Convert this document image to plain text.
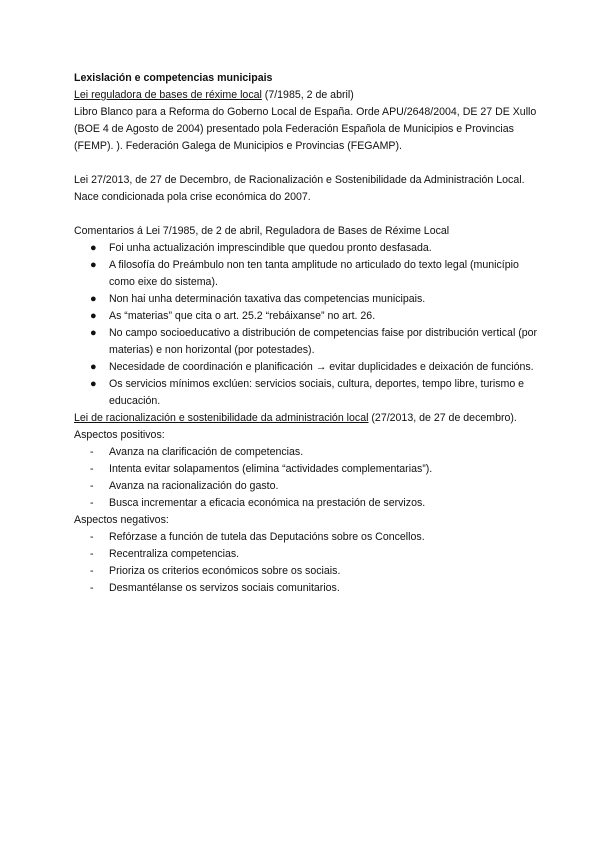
Lexislación e competencias municipais

Lei reguladora de bases de réxime local (7/1985, 2 de abril)

Libro Blanco para a Reforma do Goberno Local de España. Orde APU/2648/2004, DE 27 DE Xullo (BOE 4 de Agosto de 2004) presentado pola Federación Española de Municipios e Provincias (FEMP). ). Federación Galega de Municipios e Provincias (FEGAMP).

Lei 27/2013, de 27 de Decembro, de Racionalización e Sostenibilidade da Administración Local. Nace condicionada pola crise económica do 2007.

Comentarios á Lei 7/1985, de 2 de abril, Reguladora de Bases de Réxime Local

● Foi unha actualización imprescindible que quedou pronto desfasada.
● A filosofía do Preámbulo non ten tanta amplitude no articulado do texto legal (município como eixe do sistema).
● Non hai unha determinación taxativa das competencias municipais.
● As “materias” que cita o art. 25.2 “rebáixanse” no art. 26.
● No campo socioeducativo a distribución de competencias faise por distribución vertical (por materias) e non horizontal (por potestades).
● Necesidade de coordinación e planificación → evitar duplicidades e deixación de funcións.
● Os servicios mínimos exclúen: servicios sociais, cultura, deportes, tempo libre, turismo e educación.

Lei de racionalización e sostenibilidade da administración local (27/2013, de 27 de decembro).

Aspectos positivos:

- Avanza na clarificación de competencias.
- Intenta evitar solapamentos (elimina “actividades complementarias”).
- Avanza na racionalización do gasto.
- Busca incrementar a eficacia económica na prestación de servizos.

Aspectos negativos:

- Refórzase a función de tutela das Deputacións sobre os Concellos.
- Recentraliza competencias.
- Prioriza os criterios económicos sobre os sociais.
- Desmantélanse os servizos sociais comunitarios.
